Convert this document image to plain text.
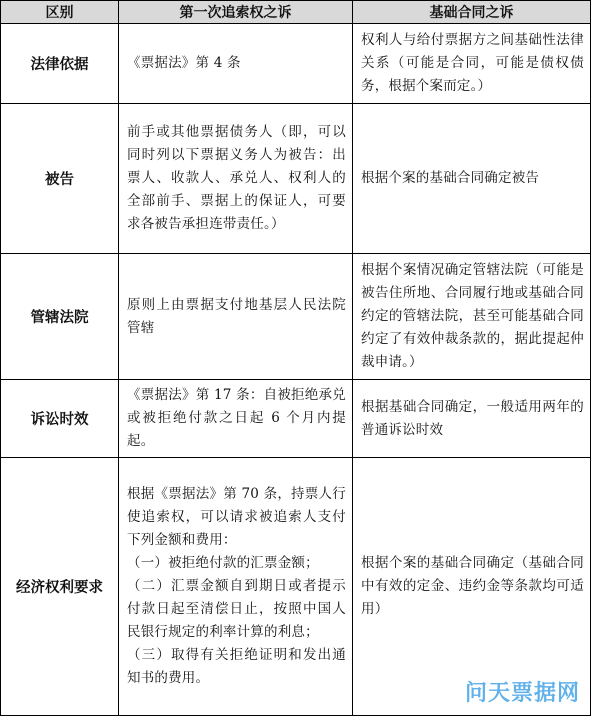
区别	第一次追索权之诉	基础合同之诉
法律依据	《票据法》第 4 条	权利人与给付票据方之间基础性法律关系（可能是合同，可能是债权债务，根据个案而定。）

被告	前手或其他票据债务人（即，可以同时列以下票据义务人为被告：出票人、收款人、承兑人、权利人的全部前手、票据上的保证人，可要求各被告承担连带责任。）	根据个案的基础合同确定被告

管辖法院	原则上由票据支付地基层人民法院管辖	根据个案情况确定管辖法院（可能是被告住所地、合同履行地或基础合同约定的管辖法院，甚至可能基础合同约定了有效仲裁条款的，据此提起仲裁申请。）

诉讼时效	《票据法》第 17 条：自被拒绝承兑或被拒绝付款之日起 6 个月内提起。	根据基础合同确定，一般适用两年的普通诉讼时效

经济权利要求	根据《票据法》第 70 条，持票人行使追索权，可以请求被追索人支付下列金额和费用：

（一）被拒绝付款的汇票金额；

（二）汇票金额自到期日或者提示付款日起至清偿日止，按照中国人民银行规定的利率计算的利息；

（三）取得有关拒绝证明和发出通知书的费用。	根据个案的基础合同确定（基础合同中有效的定金、违约金等条款均可适用）

问天票据网
